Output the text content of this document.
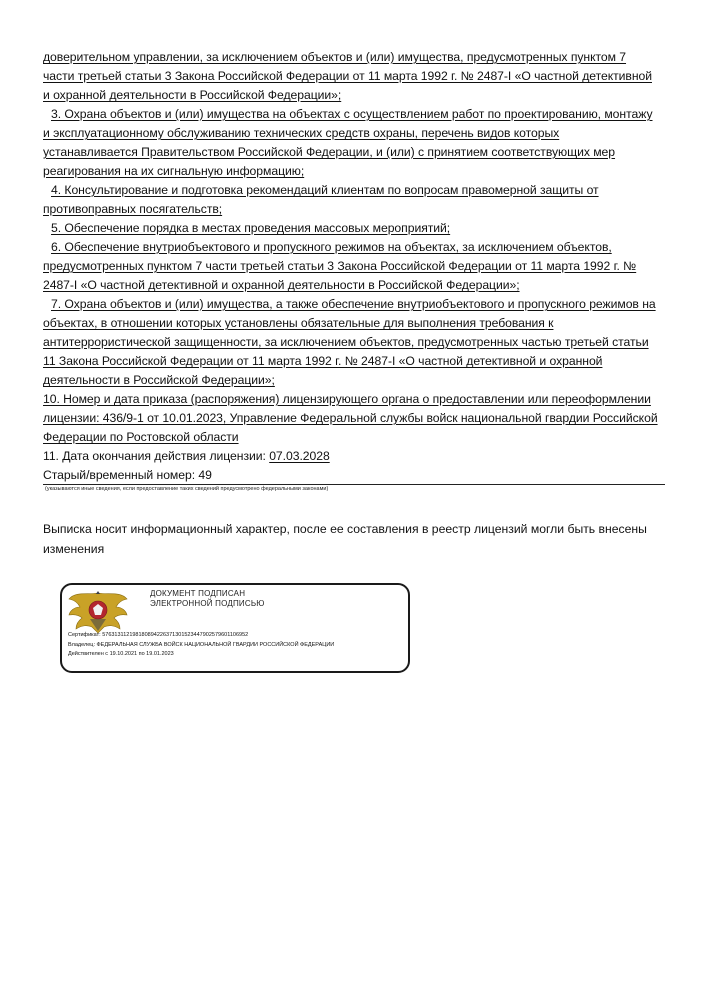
доверительном управлении, за исключением объектов и (или) имущества, предусмотренных пунктом 7
части третьей статьи 3 Закона Российской Федерации от 11 марта 1992 г. № 2487-I «О частной детективной
и охранной деятельности в Российской Федерации»;
3. Охрана объектов и (или) имущества на объектах с осуществлением работ по проектированию, монтажу
и эксплуатационному обслуживанию технических средств охраны, перечень видов которых
устанавливается Правительством Российской Федерации, и (или) с принятием соответствующих мер
реагирования на их сигнальную информацию;
4. Консультирование и подготовка рекомендаций клиентам по вопросам правомерной защиты от
противоправных посягательств;
5. Обеспечение порядка в местах проведения массовых мероприятий;
6. Обеспечение внутриобъектового и пропускного режимов на объектах, за исключением объектов,
предусмотренных пунктом 7 части третьей статьи 3 Закона Российской Федерации от 11 марта 1992 г. №
2487-I «О частной детективной и охранной деятельности в Российской Федерации»;
7. Охрана объектов и (или) имущества, а также обеспечение внутриобъектового и пропускного режимов на
объектах, в отношении которых установлены обязательные для выполнения требования к
антитеррористической защищенности, за исключением объектов, предусмотренных частью третьей статьи
11 Закона Российской Федерации от 11 марта 1992 г. № 2487-I «О частной детективной и охранной
деятельности в Российской Федерации»;
10. Номер и дата приказа (распоряжения) лицензирующего органа о предоставлении или переоформлении
лицензии: 436/9-1 от 10.01.2023, Управление Федеральной службы войск национальной гвардии Российской
Федерации по Ростовской области
11. Дата окончания действия лицензии: 07.03.2028
Старый/временный номер: 49
(указываются иные сведения, если предоставление таких сведений предусмотрено федеральными законами)
Выписка носит информационный характер, после ее составления в реестр лицензий могли быть внесены изменения
ДОКУМЕНТ ПОДПИСАН
ЭЛЕКТРОННОЙ ПОДПИСЬЮ
Сертификат: 57631311219818089422637130152344790257960110695​2
Владелец: ФЕДЕРАЛЬНАЯ СЛУЖБА ВОЙСК НАЦИОНАЛЬНОЙ ГВАРДИИ РОССИЙСКОЙ ФЕДЕРАЦИИ
Действителен с 19.10.2021 по 19.01.2023
